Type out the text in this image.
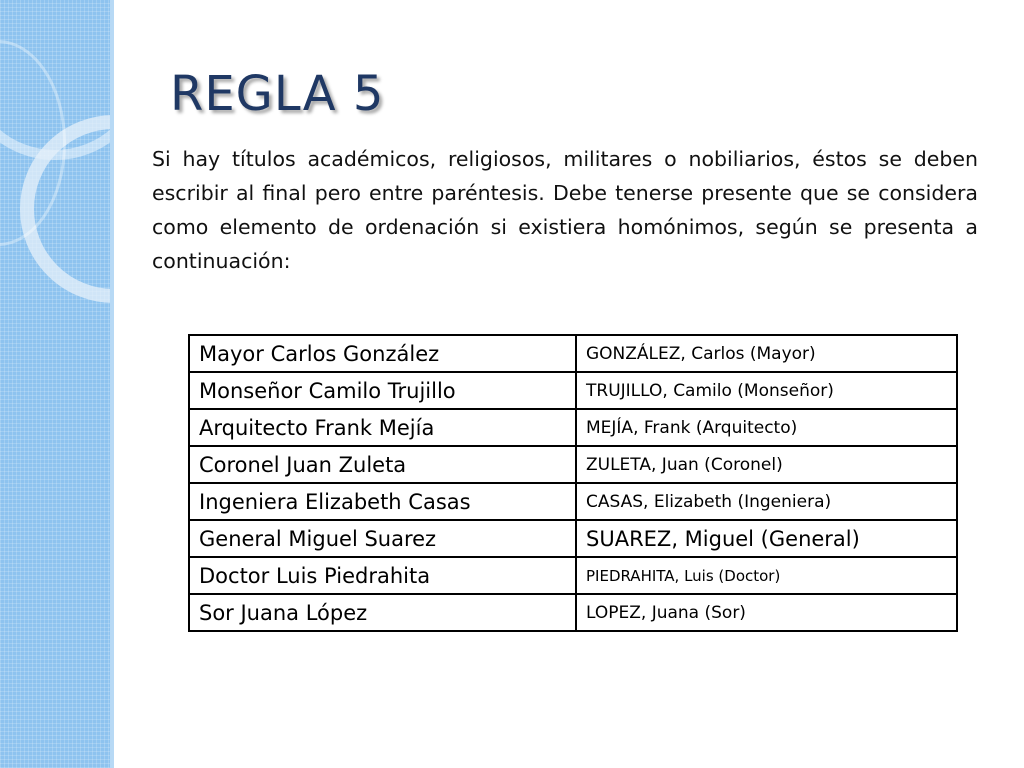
REGLA 5

Si hay títulos académicos, religiosos, militares o nobiliarios, éstos se deben escribir al final pero entre paréntesis. Debe tenerse presente que se considera como elemento de ordenación si existiera homónimos, según se presenta a continuación:

Mayor Carlos González	GONZÁLEZ, Carlos (Mayor)
Monseñor Camilo Trujillo	TRUJILLO, Camilo (Monseñor)
Arquitecto Frank Mejía	MEJÍA, Frank (Arquitecto)
Coronel Juan Zuleta	ZULETA, Juan (Coronel)
Ingeniera Elizabeth Casas	CASAS, Elizabeth (Ingeniera)
General Miguel Suarez	SUAREZ, Miguel (General)
Doctor Luis Piedrahita	PIEDRAHITA, Luis (Doctor)
Sor Juana López	LOPEZ, Juana (Sor)
